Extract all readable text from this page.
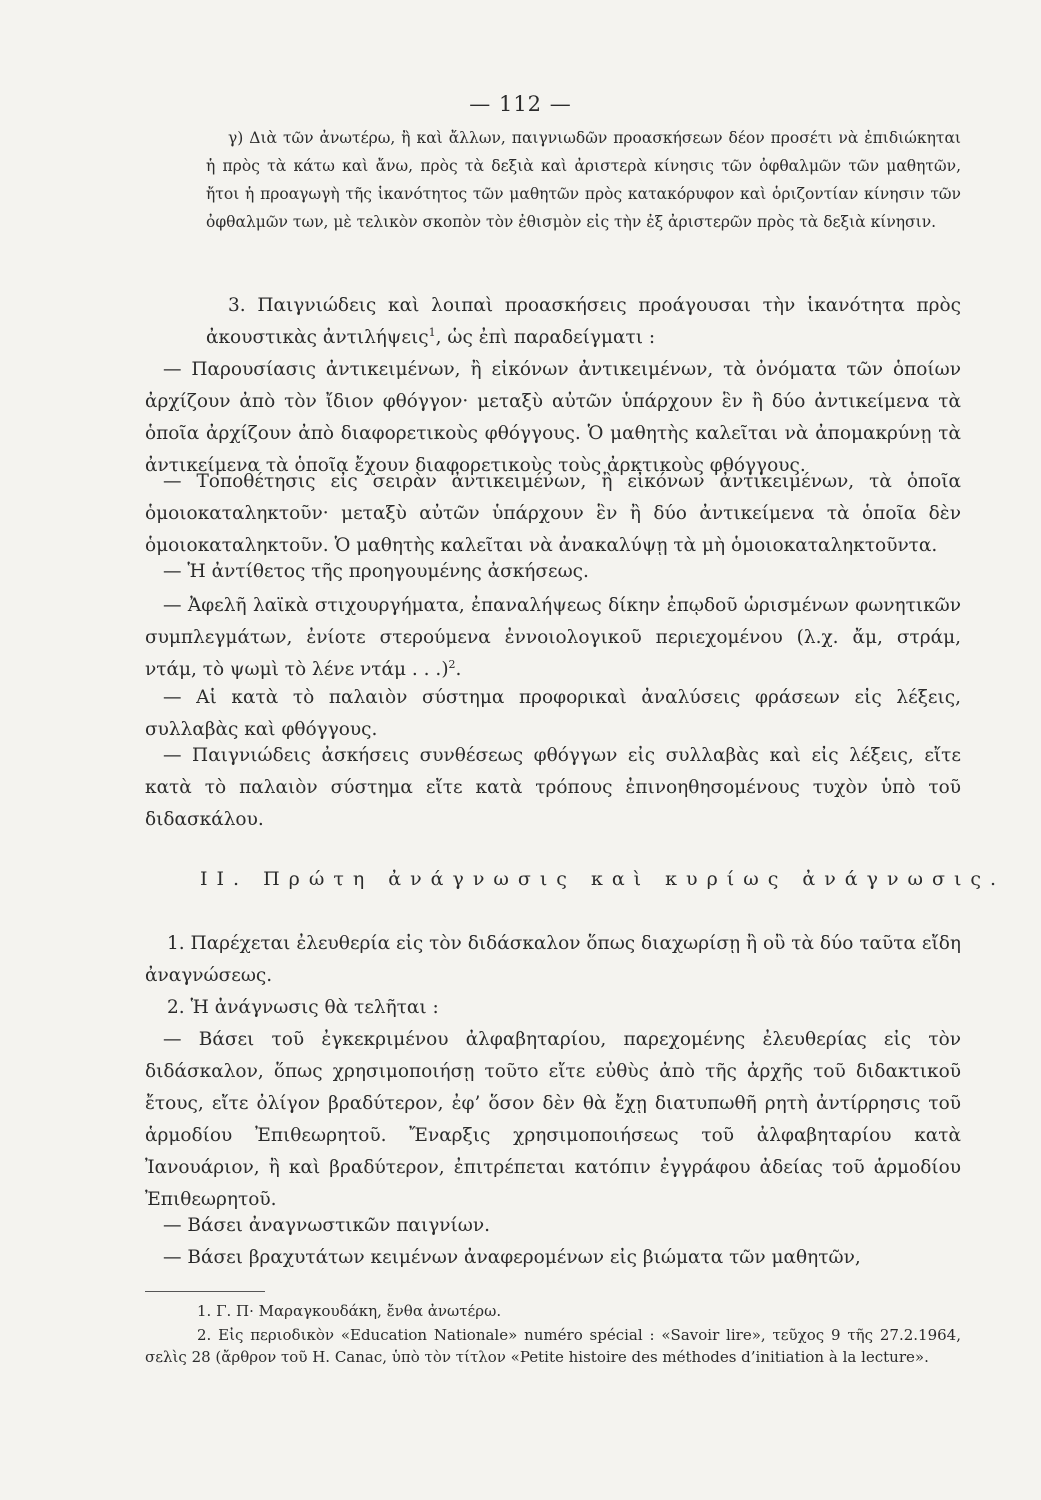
— 112 —
γ) Διὰ τῶν ἀνωτέρω, ἢ καὶ ἄλλων, παιγνιωδῶν προασκήσεων δέον προσέτι νὰ ἐπιδιώκηται ἡ πρὸς τὰ κάτω καὶ ἄνω, πρὸς τὰ δεξιὰ καὶ ἀριστερὰ κίνησις τῶν ὀφθαλμῶν τῶν μαθητῶν, ἤτοι ἡ προαγωγὴ τῆς ἱκανότητος τῶν μαθητῶν πρὸς κατακόρυφον καὶ ὁριζοντίαν κίνησιν τῶν ὀφθαλμῶν των, μὲ τελικὸν σκοπὸν τὸν ἐθισμὸν εἰς τὴν ἐξ ἀριστερῶν πρὸς τὰ δεξιὰ κίνησιν.
3. Παιγνιώδεις καὶ λοιπαὶ προασκήσεις προάγουσαι τὴν ἱκανότητα πρὸς ἀκουστικὰς ἀντιλήψεις$^1$, ὡς ἐπὶ παραδείγματι :
— Παρουσίασις ἀντικειμένων, ἢ εἰκόνων ἀντικειμένων, τὰ ὀνόματα τῶν ὁποίων ἀρχίζουν ἀπὸ τὸν ἴδιον φθόγγον· μεταξὺ αὐτῶν ὑπάρχουν ἓν ἢ δύο ἀντικείμενα τὰ ὁποῖα ἀρχίζουν ἀπὸ διαφορετικοὺς φθόγγους. Ὁ μαθητὴς καλεῖται νὰ ἀπομακρύνῃ τὰ ἀντικείμενα τὰ ὁποῖα ἔχουν διαφορετικοὺς τοὺς ἀρκτικοὺς φθόγγους.
— Τοποθέτησις εἰς σειρὰν ἀντικειμένων, ἢ εἰκόνων ἀντικειμένων, τὰ ὁποῖα ὁμοιοκαταληκτοῦν· μεταξὺ αὐτῶν ὑπάρχουν ἓν ἢ δύο ἀντικείμενα τὰ ὁποῖα δὲν ὁμοιοκαταληκτοῦν. Ὁ μαθητὴς καλεῖται νὰ ἀνακαλύψῃ τὰ μὴ ὁμοιοκαταληκτοῦντα.
— Ἡ ἀντίθετος τῆς προηγουμένης ἀσκήσεως.
— Ἀφελῆ λαϊκὰ στιχουργήματα, ἐπαναλήψεως δίκην ἐπῳδοῦ ὡρισμένων φωνητικῶν συμπλεγμάτων, ἐνίοτε στερούμενα ἐννοιολογικοῦ περιεχομένου (λ.χ. ἄμ, στράμ, ντάμ, τὸ ψωμὶ τὸ λένε ντάμ . . .)$^2$.
— Αἱ κατὰ τὸ παλαιὸν σύστημα προφορικαὶ ἀναλύσεις φράσεων εἰς λέξεις, συλλαβὰς καὶ φθόγγους.
— Παιγνιώδεις ἀσκήσεις συνθέσεως φθόγγων εἰς συλλαβὰς καὶ εἰς λέξεις, εἴτε κατὰ τὸ παλαιὸν σύστημα εἴτε κατὰ τρόπους ἐπινοηθησομένους τυχὸν ὑπὸ τοῦ διδασκάλου.
ΙΙ. Πρώτη ἀνάγνωσις καὶ κυρίως ἀνάγνωσις.
1. Παρέχεται ἐλευθερία εἰς τὸν διδάσκαλον ὅπως διαχωρίσῃ ἢ οὒ τὰ δύο ταῦτα εἴδη ἀναγνώσεως.
2. Ἡ ἀνάγνωσις θὰ τελῆται :
— Βάσει τοῦ ἐγκεκριμένου ἀλφαβηταρίου, παρεχομένης ἐλευθερίας εἰς τὸν διδάσκαλον, ὅπως χρησιμοποιήσῃ τοῦτο εἴτε εὐθὺς ἀπὸ τῆς ἀρχῆς τοῦ διδακτικοῦ ἔτους, εἴτε ὀλίγον βραδύτερον, ἐφ’ ὅσον δὲν θὰ ἔχῃ διατυπωθῆ ρητὴ ἀντίρρησις τοῦ ἁρμοδίου Ἐπιθεωρητοῦ. Ἔναρξις χρησιμοποιήσεως τοῦ ἀλφαβηταρίου κατὰ Ἰανουάριον, ἢ καὶ βραδύτερον, ἐπιτρέπεται κατόπιν ἐγγράφου ἀδείας τοῦ ἁρμοδίου Ἐπιθεωρητοῦ.
— Βάσει ἀναγνωστικῶν παιγνίων.
— Βάσει βραχυτάτων κειμένων ἀναφερομένων εἰς βιώματα τῶν μαθητῶν,
1. Γ. Π· Μαραγκουδάκη, ἔνθα ἀνωτέρω.
2. Εἰς περιοδικὸν «Education Nationale» numéro spécial : «Savoir lire», τεῦχος 9 τῆς 27.2.1964, σελὶς 28 (ἄρθρον τοῦ Η. Canac, ὑπὸ τὸν τίτλον «Petite histoire des méthodes d’initiation à la lecture».
